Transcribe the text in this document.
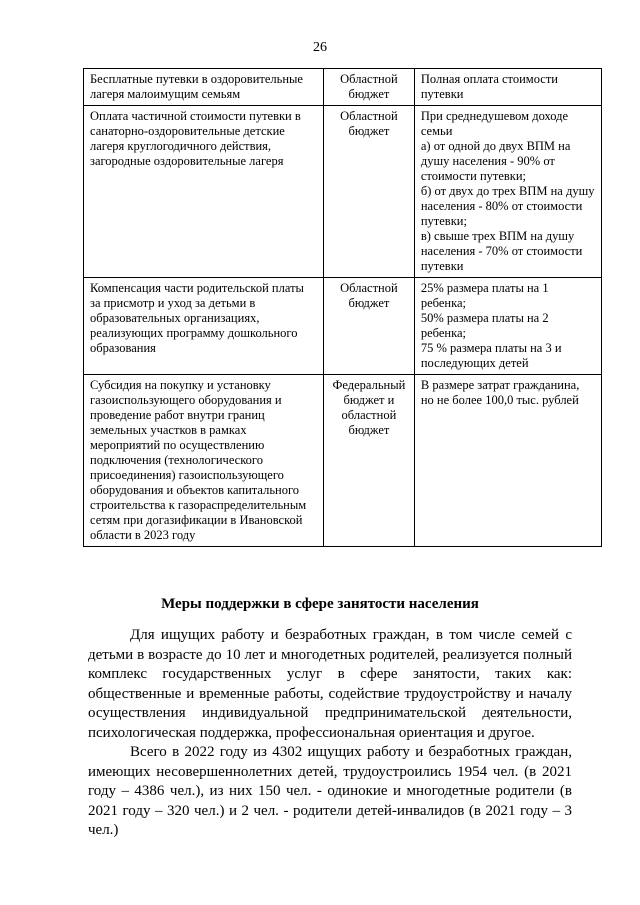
26
Бесплатные путевки в оздоровительные лагеря малоимущим семьям	Областной бюджет	Полная оплата стоимости путевки

Оплата частичной стоимости путевки в санаторно-оздоровительные детские лагеря круглогодичного действия, загородные оздоровительные лагеря	Областной бюджет	При среднедушевом доходе семьи
а) от одной до двух ВПМ на душу населения - 90% от стоимости путевки;
б) от двух до трех ВПМ на душу населения - 80% от стоимости путевки;
в) свыше трех ВПМ на душу населения - 70% от стоимости путевки

Компенсация части родительской платы за присмотр и уход за детьми в образовательных организациях, реализующих программу дошкольного образования	Областной бюджет	25% размера платы на 1 ребенка;
50% размера платы на 2 ребенка;
75 % размера платы на 3 и последующих детей

Субсидия на покупку и установку газоиспользующего оборудования и проведение работ внутри границ земельных участков в рамках мероприятий по осуществлению подключения (технологического присоединения) газоиспользующего оборудования и объектов капитального строительства к газораспределительным сетям при догазификации в Ивановской области в 2023 году	Федеральный бюджет и областной бюджет	В размере затрат гражданина, но не более 100,0 тыс. рублей
Меры поддержки в сфере занятости населения

Для ищущих работу и безработных граждан, в том числе семей с детьми в возрасте до 10 лет и многодетных родителей, реализуется полный комплекс государственных услуг в сфере занятости, таких как: общественные и временные работы, содействие трудоустройству и началу осуществления индивидуальной предпринимательской деятельности, психологическая поддержка, профессиональная ориентация и другое.

Всего в 2022 году из 4302 ищущих работу и безработных граждан, имеющих несовершеннолетних детей, трудоустроились 1954 чел. (в 2021 году – 4386 чел.), из них 150 чел. - одинокие и многодетные родители (в 2021 году – 320 чел.) и 2 чел. - родители детей-инвалидов (в 2021 году – 3 чел.)
